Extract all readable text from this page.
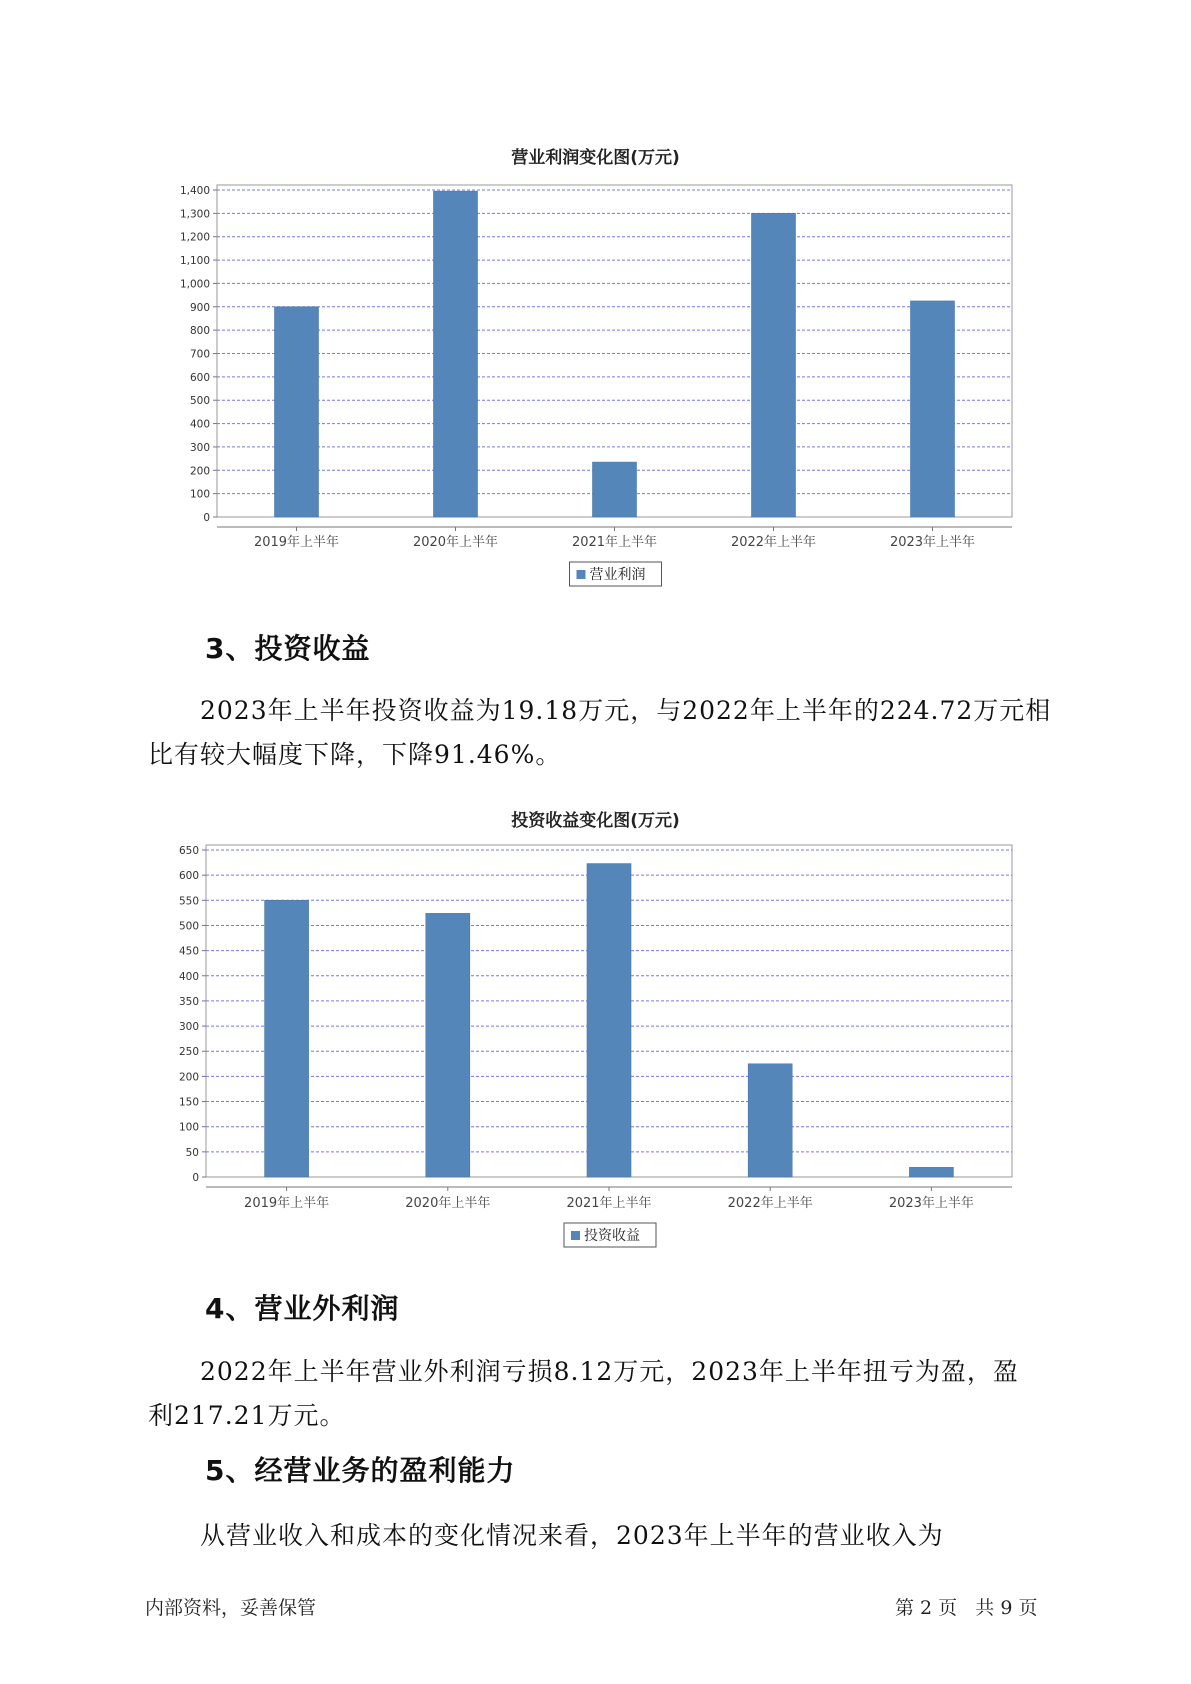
营业利润变化图(万元)
0
100
200
300
400
500
600
700
800
900
1,000
1,100
1,200
1,300
1,400
2019年上半年	2020年上半年	2021年上半年	2022年上半年	2023年上半年
营业利润
3、投资收益
2023年上半年投资收益为19.18万元，与2022年上半年的224.72万元相
比有较大幅度下降，下降91.46%。
投资收益变化图(万元)
0
50
100
150
200
250
300
350
400
450
500
550
600
650
2019年上半年	2020年上半年	2021年上半年	2022年上半年	2023年上半年
投资收益
4、营业外利润
2022年上半年营业外利润亏损8.12万元，2023年上半年扭亏为盈，盈
利217.21万元。
5、经营业务的盈利能力
从营业收入和成本的变化情况来看，2023年上半年的营业收入为
内部资料，妥善保管	第 2 页   共 9 页
